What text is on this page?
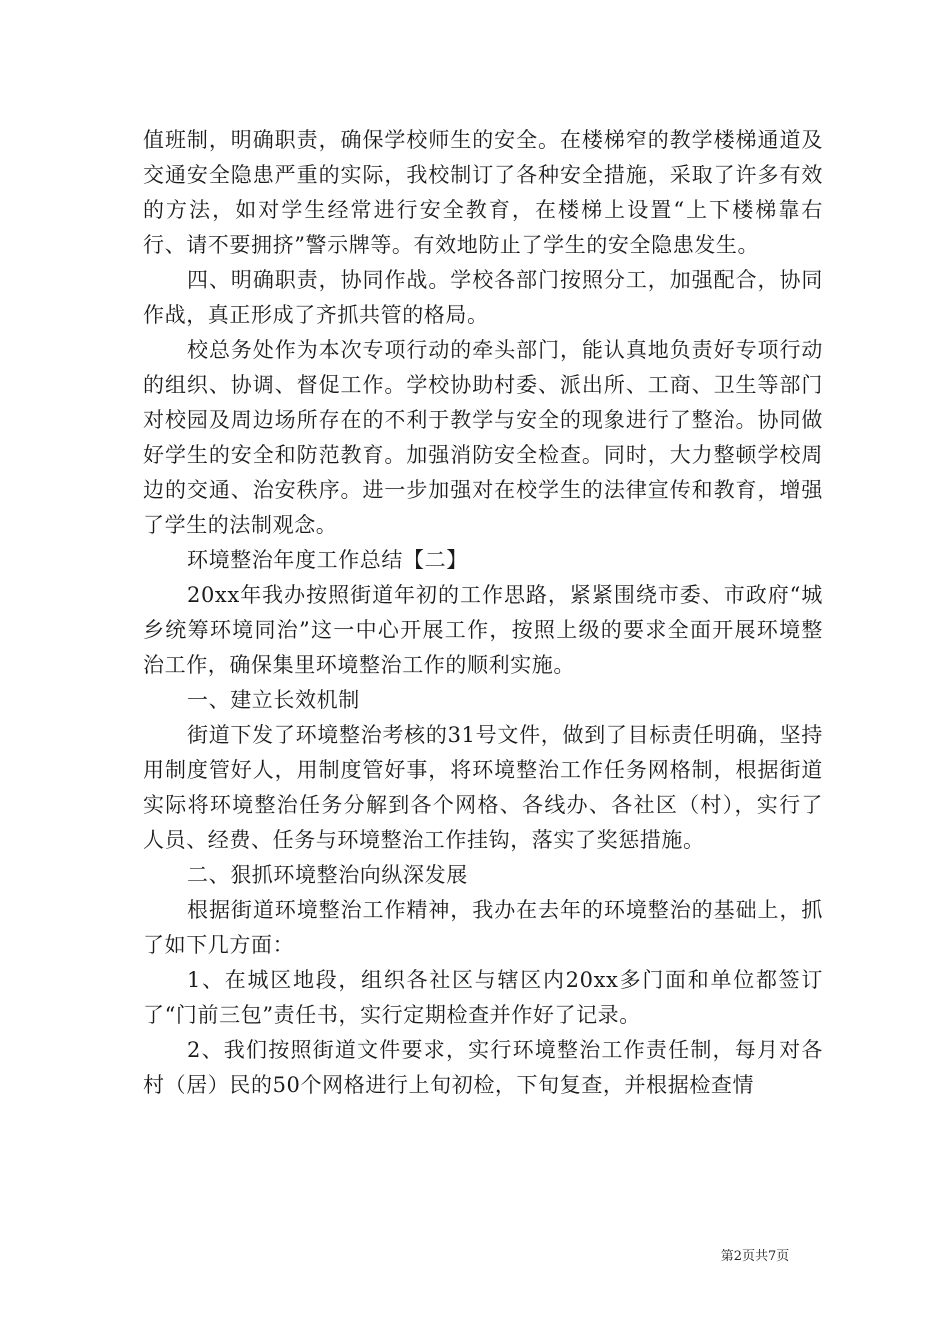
值班制，明确职责，确保学校师生的安全。在楼梯窄的教学楼梯通道及交通安全隐患严重的实际，我校制订了各种安全措施，采取了许多有效的方法，如对学生经常进行安全教育，在楼梯上设置“上下楼梯靠右行、请不要拥挤”警示牌等。有效地防止了学生的安全隐患发生。

四、明确职责，协同作战。学校各部门按照分工，加强配合，协同作战，真正形成了齐抓共管的格局。

校总务处作为本次专项行动的牵头部门，能认真地负责好专项行动的组织、协调、督促工作。学校协助村委、派出所、工商、卫生等部门对校园及周边场所存在的不利于教学与安全的现象进行了整治。协同做好学生的安全和防范教育。加强消防安全检查。同时，大力整顿学校周边的交通、治安秩序。进一步加强对在校学生的法律宣传和教育，增强了学生的法制观念。

环境整治年度工作总结【二】

20xx年我办按照街道年初的工作思路，紧紧围绕市委、市政府“城乡统筹环境同治”这一中心开展工作，按照上级的要求全面开展环境整治工作，确保集里环境整治工作的顺利实施。

一、建立长效机制

街道下发了环境整治考核的31号文件，做到了目标责任明确，坚持用制度管好人，用制度管好事，将环境整治工作任务网格制，根据街道实际将环境整治任务分解到各个网格、各线办、各社区（村），实行了人员、经费、任务与环境整治工作挂钩，落实了奖惩措施。

二、狠抓环境整治向纵深发展

根据街道环境整治工作精神，我办在去年的环境整治的基础上，抓了如下几方面：

1、在城区地段，组织各社区与辖区内20xx多门面和单位都签订了“门前三包”责任书，实行定期检查并作好了记录。

2、我们按照街道文件要求，实行环境整治工作责任制，每月对各村（居）民的50个网格进行上旬初检，下旬复查，并根据检查情

第2页共7页
